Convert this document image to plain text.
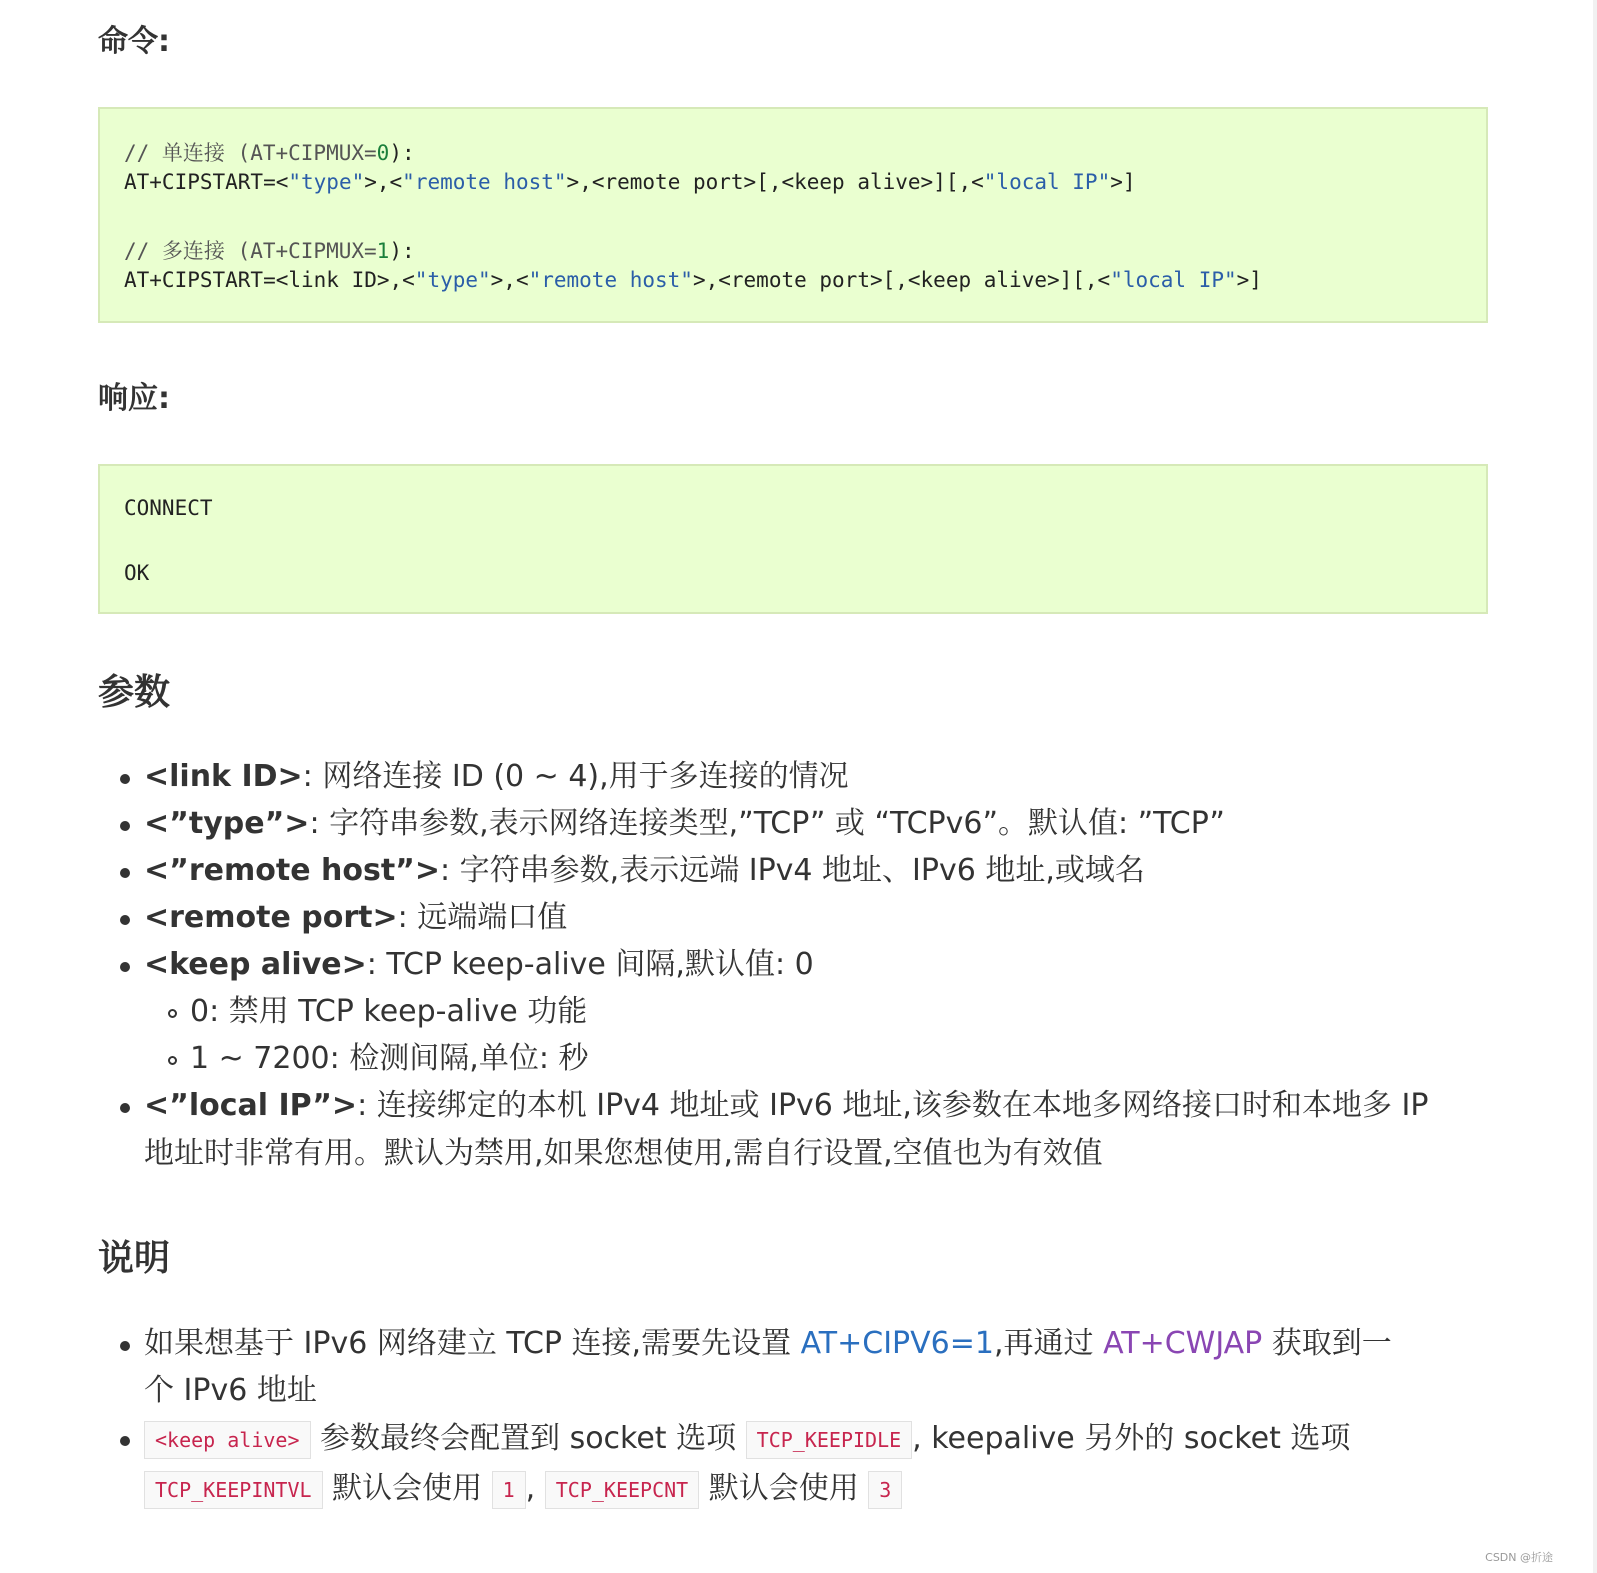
命令:
// 单连接 (AT+CIPMUX=0):
AT+CIPSTART=<"type">,<"remote host">,<remote port>[,<keep alive>][,<"local IP">]
// 多连接 (AT+CIPMUX=1):
AT+CIPSTART=<link ID>,<"type">,<"remote host">,<remote port>[,<keep alive>][,<"local IP">]
响应:
CONNECT
OK
参数
<link ID>: 网络连接 ID (0 ~ 4),用于多连接的情况
<”type”>: 字符串参数,表示网络连接类型,”TCP” 或 “TCPv6”。默认值: ”TCP”
<”remote host”>: 字符串参数,表示远端 IPv4 地址、IPv6 地址,或域名
<remote port>: 远端端口值
<keep alive>: TCP keep-alive 间隔,默认值: 0
0: 禁用 TCP keep-alive 功能
1 ~ 7200: 检测间隔,单位: 秒
<”local IP”>: 连接绑定的本机 IPv4 地址或 IPv6 地址,该参数在本地多网络接口时和本地多 IP
地址时非常有用。默认为禁用,如果您想使用,需自行设置,空值也为有效值
说明
如果想基于 IPv6 网络建立 TCP 连接,需要先设置 AT+CIPV6=1,再通过 AT+CWJAP 获取到一
个 IPv6 地址
<keep alive> 参数最终会配置到 socket 选项 TCP_KEEPIDLE , keepalive 另外的 socket 选项
TCP_KEEPINTVL 默认会使用 1 , TCP_KEEPCNT 默认会使用 3
CSDN @折途
